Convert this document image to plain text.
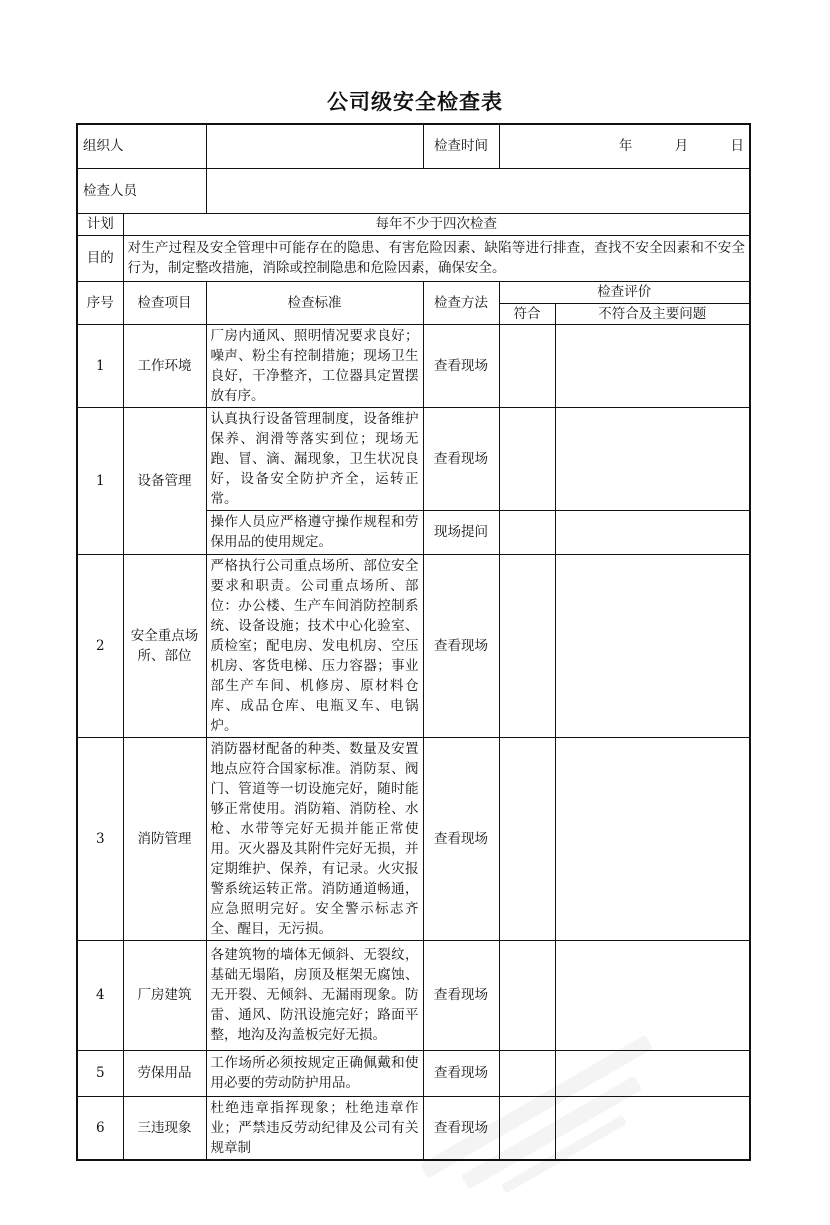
公司级安全检查表
组织人			检查时间	年 月 日	
检查人员					
计划	每年不少于四次检查				
目的	对生产过程及安全管理中可能存在的隐患、有害危险因素、缺陷等进行排查，查找不安全因素和不安全行为，制定整改措施，消除或控制隐患和危险因素，确保安全。				
序号	检查项目	检查标准	检查方法	检查评价	
				符合	不符合及主要问题
1	工作环境	厂房内通风、照明情况要求良好；噪声、粉尘有控制措施；现场卫生良好，干净整齐，工位器具定置摆放有序。	查看现场		
1	设备管理	认真执行设备管理制度，设备维护保养、润滑等落实到位；现场无跑、冒、滴、漏现象，卫生状况良好，设备安全防护齐全，运转正常。	查看现场		
		操作人员应严格遵守操作规程和劳保用品的使用规定。	现场提问		
2	安全重点场所、部位	严格执行公司重点场所、部位安全要求和职责。公司重点场所、部位：办公楼、生产车间消防控制系统、设备设施；技术中心化验室、质检室；配电房、发电机房、空压机房、客货电梯、压力容器；事业部生产车间、机修房、原材料仓库、成品仓库、电瓶叉车、电锅炉。	查看现场		
3	消防管理	消防器材配备的种类、数量及安置地点应符合国家标准。消防泵、阀门、管道等一切设施完好，随时能够正常使用。消防箱、消防栓、水枪、水带等完好无损并能正常使用。灭火器及其附件完好无损，并定期维护、保养，有记录。火灾报警系统运转正常。消防通道畅通，应急照明完好。安全警示标志齐全、醒目，无污损。	查看现场		
4	厂房建筑	各建筑物的墙体无倾斜、无裂纹，基础无塌陷，房顶及框架无腐蚀、无开裂、无倾斜、无漏雨现象。防雷、通风、防汛设施完好；路面平整，地沟及沟盖板完好无损。	查看现场		
5	劳保用品	工作场所必须按规定正确佩戴和使用必要的劳动防护用品。	查看现场		
6	三违现象	杜绝违章指挥现象；杜绝违章作业；严禁违反劳动纪律及公司有关规章制	查看现场		
